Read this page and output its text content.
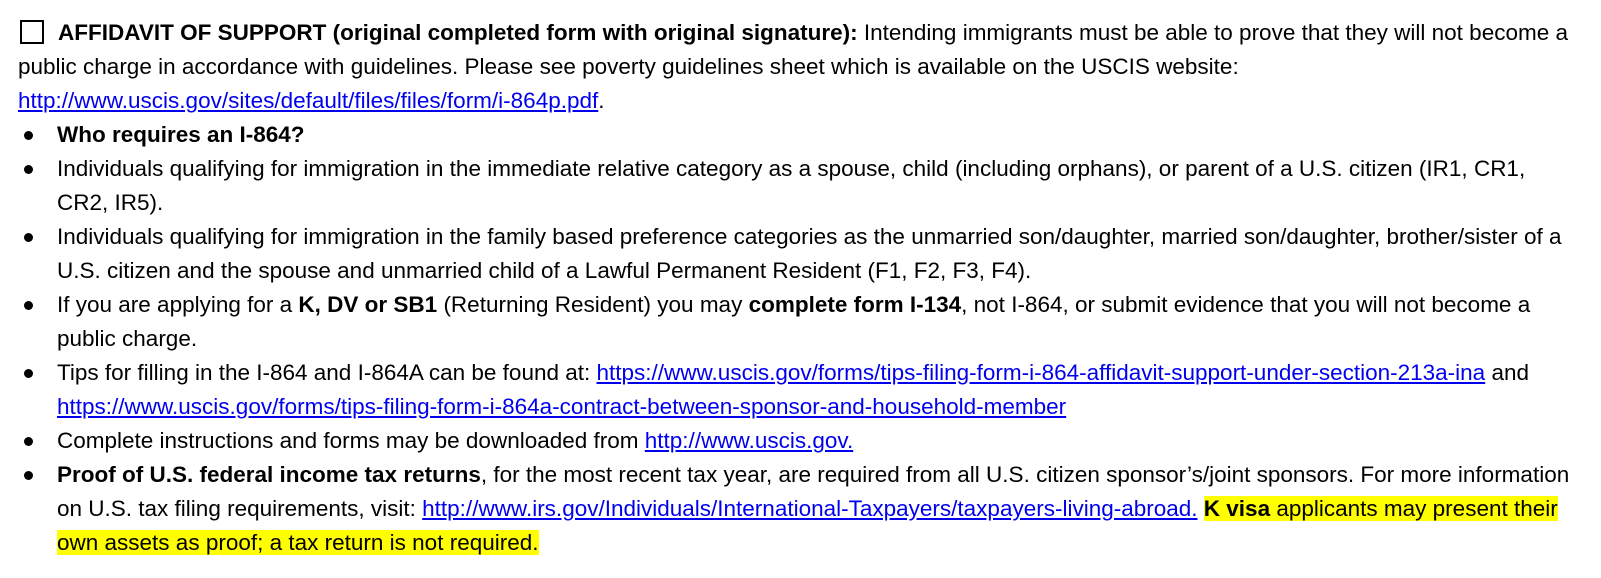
AFFIDAVIT OF SUPPORT (original completed form with original signature): Intending immigrants must be able to prove that they will not become a public charge in accordance with guidelines. Please see poverty guidelines sheet which is available on the USCIS website: http://www.uscis.gov/sites/default/files/files/form/i-864p.pdf.

Who requires an I-864?
Individuals qualifying for immigration in the immediate relative category as a spouse, child (including orphans), or parent of a U.S. citizen (IR1, CR1, CR2, IR5).
Individuals qualifying for immigration in the family based preference categories as the unmarried son/daughter, married son/daughter, brother/sister of a U.S. citizen and the spouse and unmarried child of a Lawful Permanent Resident (F1, F2, F3, F4).
If you are applying for a K, DV or SB1 (Returning Resident) you may complete form I-134, not I-864, or submit evidence that you will not become a public charge.
Tips for filling in the I-864 and I-864A can be found at: https://www.uscis.gov/forms/tips-filing-form-i-864-affidavit-support-under-section-213a-ina and https://www.uscis.gov/forms/tips-filing-form-i-864a-contract-between-sponsor-and-household-member
Complete instructions and forms may be downloaded from http://www.uscis.gov.
Proof of U.S. federal income tax returns, for the most recent tax year, are required from all U.S. citizen sponsor’s/joint sponsors. For more information on U.S. tax filing requirements, visit: http://www.irs.gov/Individuals/International-Taxpayers/taxpayers-living-abroad. K visa applicants may present their own assets as proof; a tax return is not required.
